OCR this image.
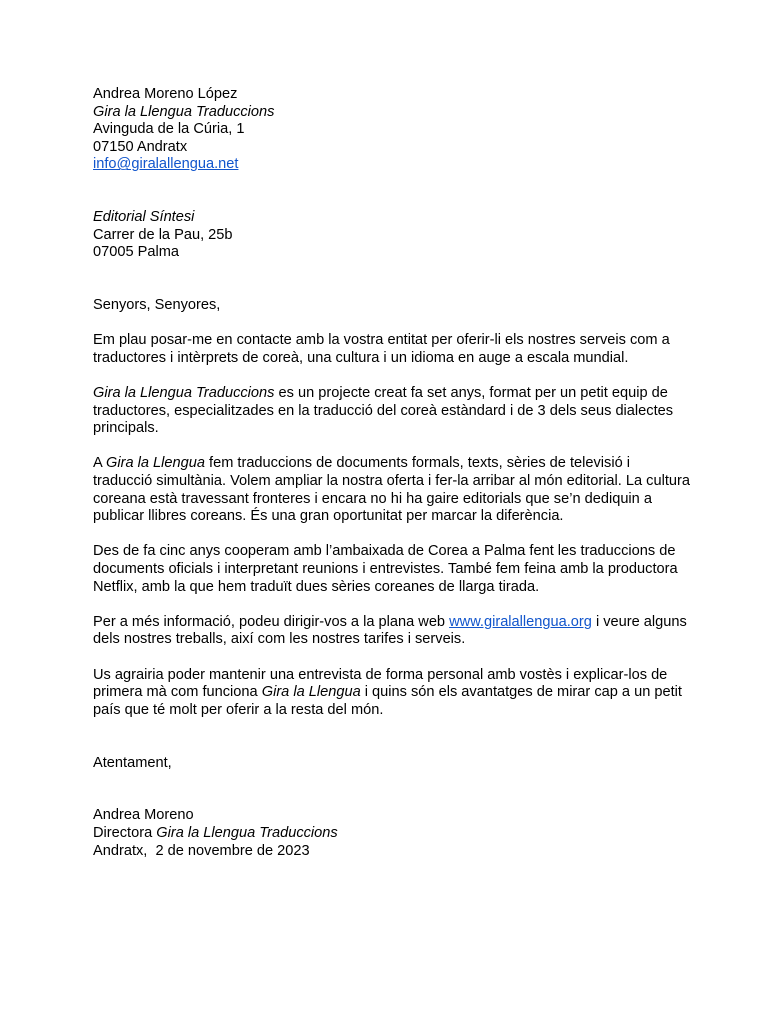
Andrea Moreno López
Gira la Llengua Traduccions
Avinguda de la Cúria, 1
07150 Andratx
info@giralallengua.net
Editorial Síntesi
Carrer de la Pau, 25b
07005 Palma
Senyors, Senyores,
Em plau posar-me en contacte amb la vostra entitat per oferir-li els nostres serveis com a
traductores i intèrprets de coreà, una cultura i un idioma en auge a escala mundial.
Gira la Llengua Traduccions es un projecte creat fa set anys, format per un petit equip de
traductores, especialitzades en la traducció del coreà estàndard i de 3 dels seus dialectes
principals.
A Gira la Llengua fem traduccions de documents formals, texts, sèries de televisió i
traducció simultània. Volem ampliar la nostra oferta i fer-la arribar al món editorial. La cultura
coreana està travessant fronteres i encara no hi ha gaire editorials que se’n dediquin a
publicar llibres coreans. És una gran oportunitat per marcar la diferència.
Des de fa cinc anys cooperam amb l’ambaixada de Corea a Palma fent les traduccions de
documents oficials i interpretant reunions i entrevistes. També fem feina amb la productora
Netflix, amb la que hem traduït dues sèries coreanes de llarga tirada.
Per a més informació, podeu dirigir-vos a la plana web www.giralallengua.org i veure alguns
dels nostres treballs, així com les nostres tarifes i serveis.
Us agrairia poder mantenir una entrevista de forma personal amb vostès i explicar-los de
primera mà com funciona Gira la Llengua i quins són els avantatges de mirar cap a un petit
país que té molt per oferir a la resta del món.
Atentament,
Andrea Moreno
Directora Gira la Llengua Traduccions
Andratx,  2 de novembre de 2023
